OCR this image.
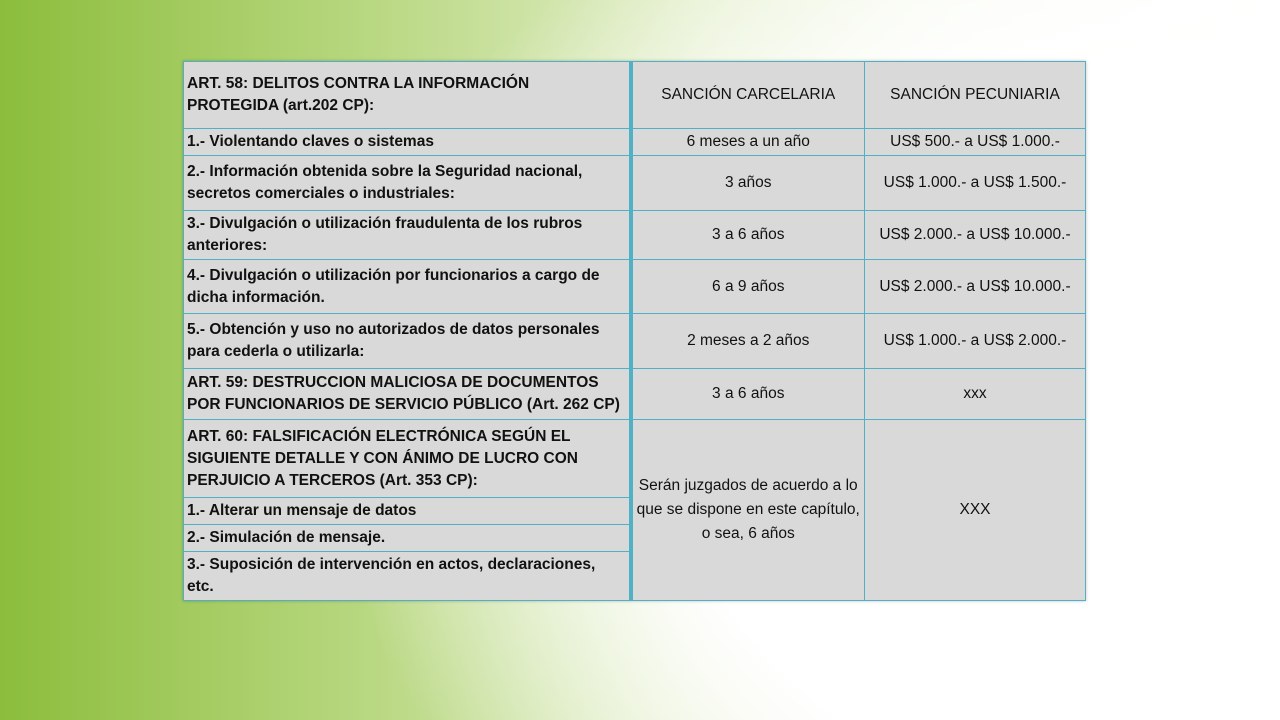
ART. 58: DELITOS CONTRA LA INFORMACIÓN PROTEGIDA (art.202 CP):	SANCIÓN CARCELARIA	SANCIÓN PECUNIARIA
1.- Violentando claves o sistemas	6 meses a un año	US$ 500.- a US$ 1.000.-
2.- Información obtenida sobre la Seguridad nacional, secretos comerciales o industriales:	3 años	US$ 1.000.- a US$ 1.500.-
3.- Divulgación o utilización fraudulenta de los rubros anteriores:	3 a 6 años	US$ 2.000.- a US$ 10.000.-
4.- Divulgación o utilización por funcionarios a cargo de dicha información.	6 a 9 años	US$ 2.000.- a US$ 10.000.-
5.- Obtención y uso no autorizados de datos personales para cederla o utilizarla:	2 meses a 2 años	US$ 1.000.- a US$ 2.000.-
ART. 59: DESTRUCCION MALICIOSA DE DOCUMENTOS POR FUNCIONARIOS DE SERVICIO PÚBLICO (Art. 262 CP)	3 a 6 años	xxx
ART. 60: FALSIFICACIÓN ELECTRÓNICA SEGÚN EL SIGUIENTE DETALLE Y CON ÁNIMO DE LUCRO CON PERJUICIO A TERCEROS (Art. 353 CP):	Serán juzgados de acuerdo a lo que se dispone en este capítulo, o sea, 6 años	XXX
1.- Alterar un mensaje de datos		
2.- Simulación de mensaje.		
3.- Suposición de intervención en actos, declaraciones, etc.		
